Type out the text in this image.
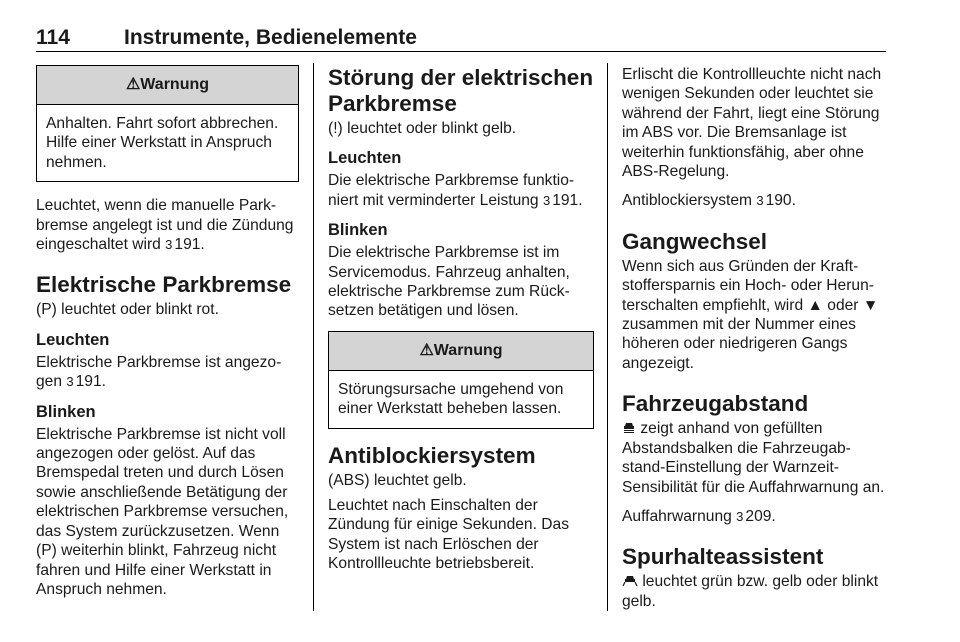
114	Instrumente, Bedienelemente
⚠Warnung
Anhalten. Fahrt sofort abbrechen. Hilfe einer Werkstatt in Anspruch nehmen.

Leuchtet, wenn die manuelle Park-bremse angelegt ist und die Zündung eingeschaltet wird 3 191.

Elektrische Parkbremse

(P) leuchtet oder blinkt rot.

Leuchten

Elektrische Parkbremse ist angezo-gen 3 191.

Blinken

Elektrische Parkbremse ist nicht voll angezogen oder gelöst. Auf das Bremspedal treten und durch Lösen sowie anschließende Betätigung der elektrischen Parkbremse versuchen, das System zurückzusetzen. Wenn (P) weiterhin blinkt, Fahrzeug nicht fahren und Hilfe einer Werkstatt in Anspruch nehmen.

Störung der elektrischen Parkbremse

(!) leuchtet oder blinkt gelb.

Leuchten

Die elektrische Parkbremse funktio-niert mit verminderter Leistung 3 191.

Blinken

Die elektrische Parkbremse ist im Servicemodus. Fahrzeug anhalten, elektrische Parkbremse zum Rück-setzen betätigen und lösen.

⚠Warnung
Störungsursache umgehend von einer Werkstatt beheben lassen.
Antiblockiersystem

(ABS) leuchtet gelb.

Leuchtet nach Einschalten der Zündung für einige Sekunden. Das System ist nach Erlöschen der Kontrollleuchte betriebsbereit.

Erlischt die Kontrollleuchte nicht nach wenigen Sekunden oder leuchtet sie während der Fahrt, liegt eine Störung im ABS vor. Die Bremsanlage ist weiterhin funktionsfähig, aber ohne ABS-Regelung.

Antiblockiersystem 3 190.

Gangwechsel

Wenn sich aus Gründen der Kraft-stoffersparnis ein Hoch- oder Herun-terschalten empfiehlt, wird ▲ oder ▼ zusammen mit der Nummer eines höheren oder niedrigeren Gangs angezeigt.

Fahrzeugabstand

zeigt anhand von gefüllten Abstandsbalken die Fahrzeugab-stand-Einstellung der Warnzeit-Sensibilität für die Auffahrwarnung an.

Auffahrwarnung 3 209.

Spurhalteassistent

leuchtet grün bzw. gelb oder blinkt gelb.
